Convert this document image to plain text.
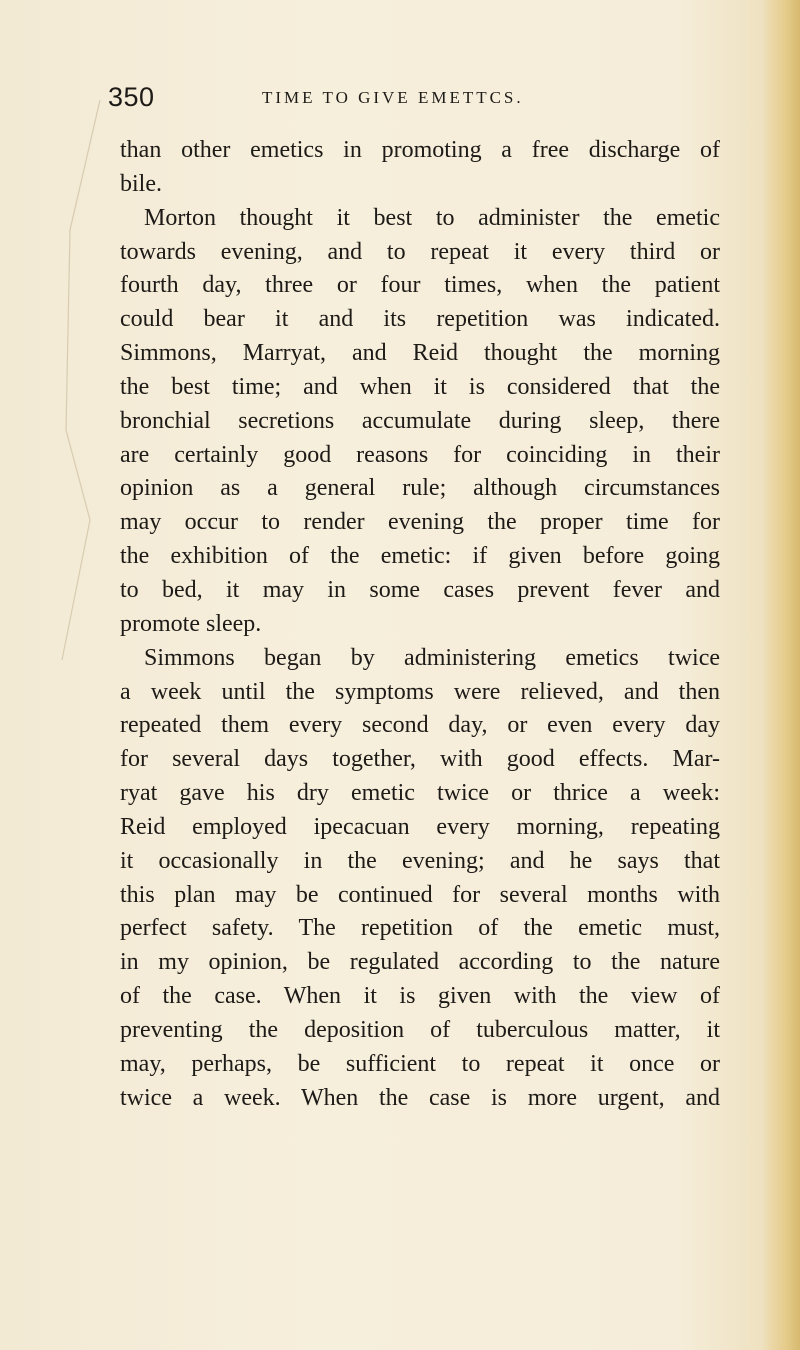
350	TIME TO GIVE EMETTCS.
than other emetics in promoting a free discharge of
bile.
Morton thought it best to administer the emetic
towards evening, and to repeat it every third or
fourth day, three or four times, when the patient
could bear it and its repetition was indicated.
Simmons, Marryat, and Reid thought the morning
the best time; and when it is considered that the
bronchial secretions accumulate during sleep, there
are certainly good reasons for coinciding in their
opinion as a general rule; although circumstances
may occur to render evening the proper time for
the exhibition of the emetic: if given before going
to bed, it may in some cases prevent fever and
promote sleep.
Simmons began by administering emetics twice
a week until the symptoms were relieved, and then
repeated them every second day, or even every day
for several days together, with good effects. Mar-
ryat gave his dry emetic twice or thrice a week:
Reid employed ipecacuan every morning, repeating
it occasionally in the evening; and he says that
this plan may be continued for several months with
perfect safety. The repetition of the emetic must,
in my opinion, be regulated according to the nature
of the case. When it is given with the view of
preventing the deposition of tuberculous matter, it
may, perhaps, be sufficient to repeat it once or
twice a week. When the case is more urgent, and
